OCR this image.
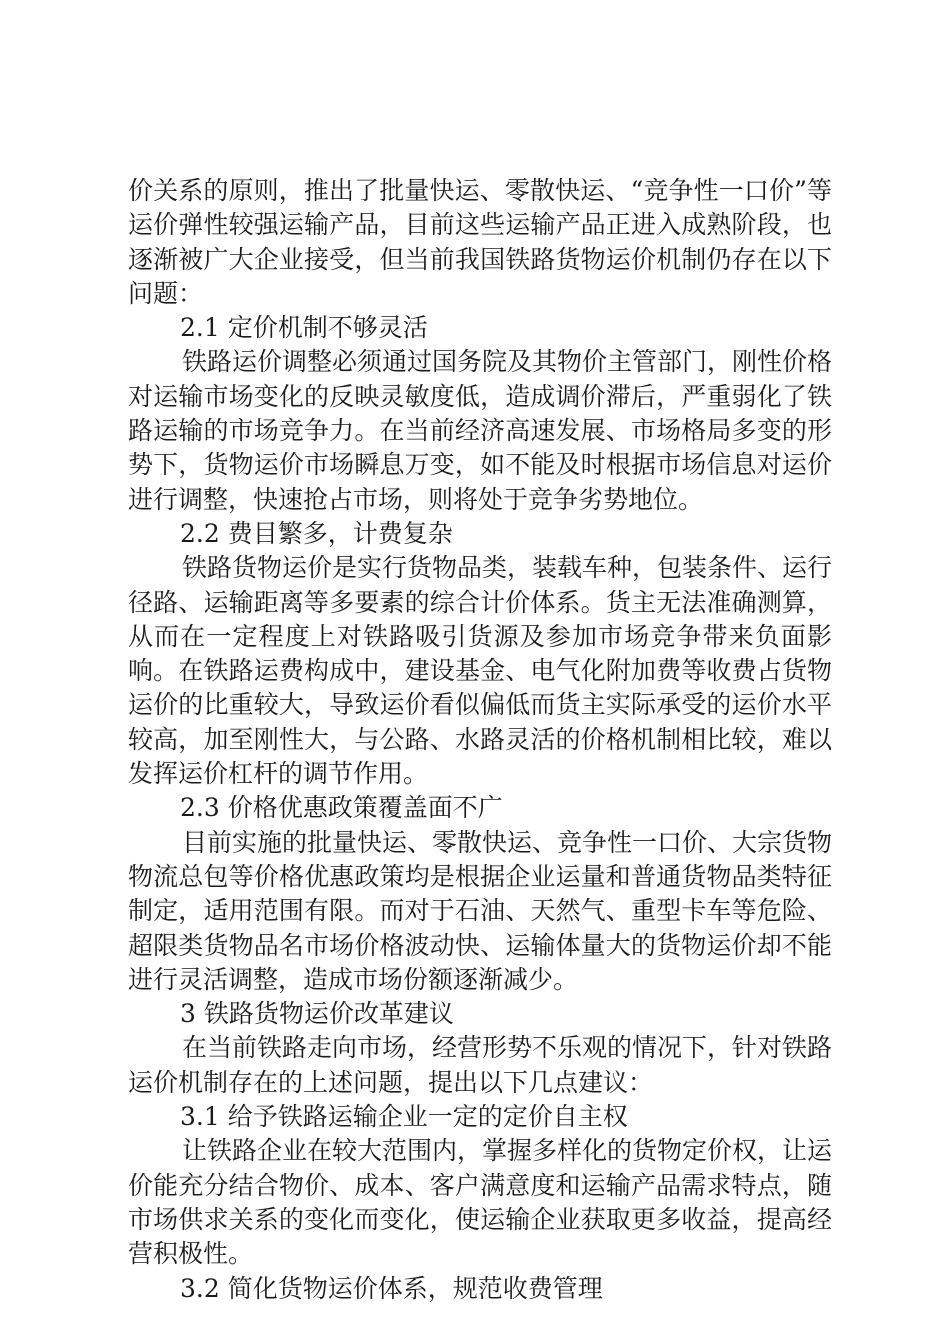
价关系的原则，推出了批量快运、零散快运、“竞争性一口价”等运价弹性较强运输产品，目前这些运输产品正进入成熟阶段，也逐渐被广大企业接受，但当前我国铁路货物运价机制仍存在以下问题：

2.1 定价机制不够灵活

铁路运价调整必须通过国务院及其物价主管部门，刚性价格对运输市场变化的反映灵敏度低，造成调价滞后，严重弱化了铁路运输的市场竞争力。在当前经济高速发展、市场格局多变的形势下，货物运价市场瞬息万变，如不能及时根据市场信息对运价进行调整，快速抢占市场，则将处于竞争劣势地位。

2.2 费目繁多，计费复杂

铁路货物运价是实行货物品类，装载车种，包装条件、运行径路、运输距离等多要素的综合计价体系。货主无法准确测算，从而在一定程度上对铁路吸引货源及参加市场竞争带来负面影响。在铁路运费构成中，建设基金、电气化附加费等收费占货物运价的比重较大，导致运价看似偏低而货主实际承受的运价水平较高，加至刚性大，与公路、水路灵活的价格机制相比较，难以发挥运价杠杆的调节作用。

2.3 价格优惠政策覆盖面不广

目前实施的批量快运、零散快运、竞争性一口价、大宗货物物流总包等价格优惠政策均是根据企业运量和普通货物品类特征制定，适用范围有限。而对于石油、天然气、重型卡车等危险、超限类货物品名市场价格波动快、运输体量大的货物运价却不能进行灵活调整，造成市场份额逐渐减少。

3 铁路货物运价改革建议

在当前铁路走向市场，经营形势不乐观的情况下，针对铁路运价机制存在的上述问题，提出以下几点建议：

3.1 给予铁路运输企业一定的定价自主权

让铁路企业在较大范围内，掌握多样化的货物定价权，让运价能充分结合物价、成本、客户满意度和运输产品需求特点，随市场供求关系的变化而变化，使运输企业获取更多收益，提高经营积极性。

3.2 简化货物运价体系，规范收费管理
